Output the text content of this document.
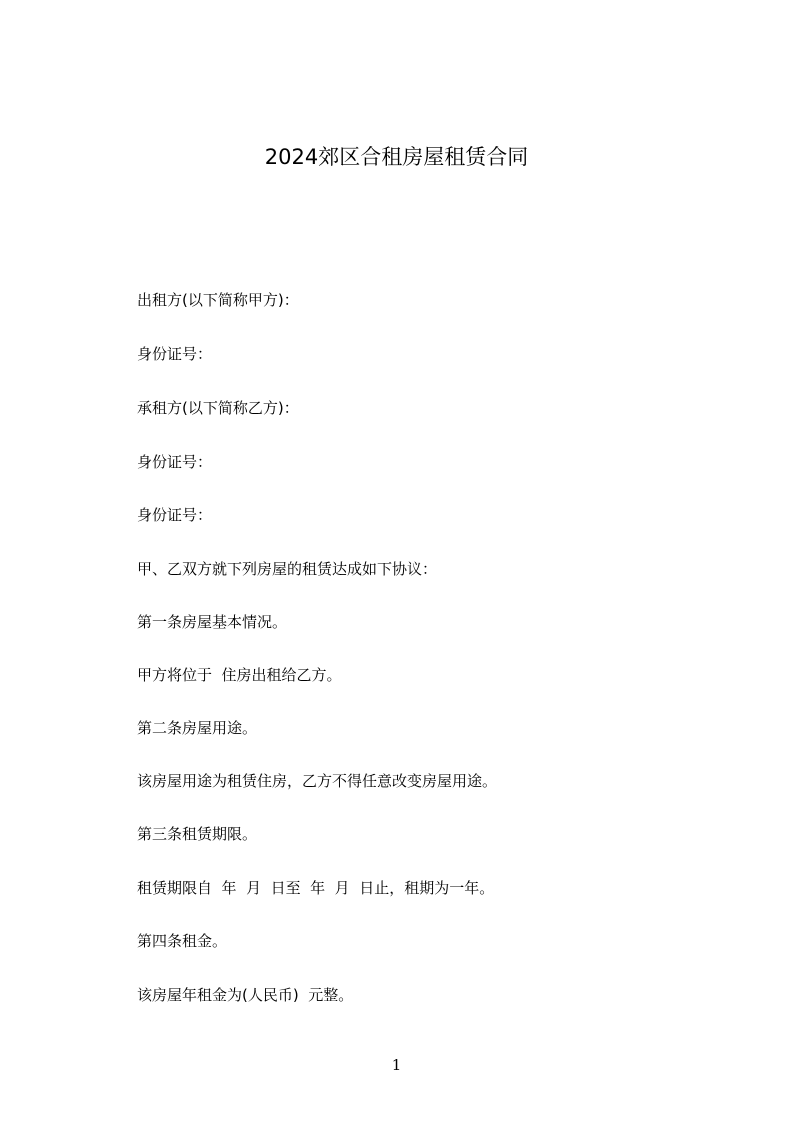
2024郊区合租房屋租赁合同
出租方(以下简称甲方)：
身份证号：
承租方(以下简称乙方)：
身份证号：
身份证号：
甲、乙双方就下列房屋的租赁达成如下协议：
第一条房屋基本情况。
甲方将位于  住房出租给乙方。
第二条房屋用途。
该房屋用途为租赁住房，乙方不得任意改变房屋用途。
第三条租赁期限。
租赁期限自  年  月  日至  年  月  日止，租期为一年。
第四条租金。
该房屋年租金为(人民币)  元整。
1
